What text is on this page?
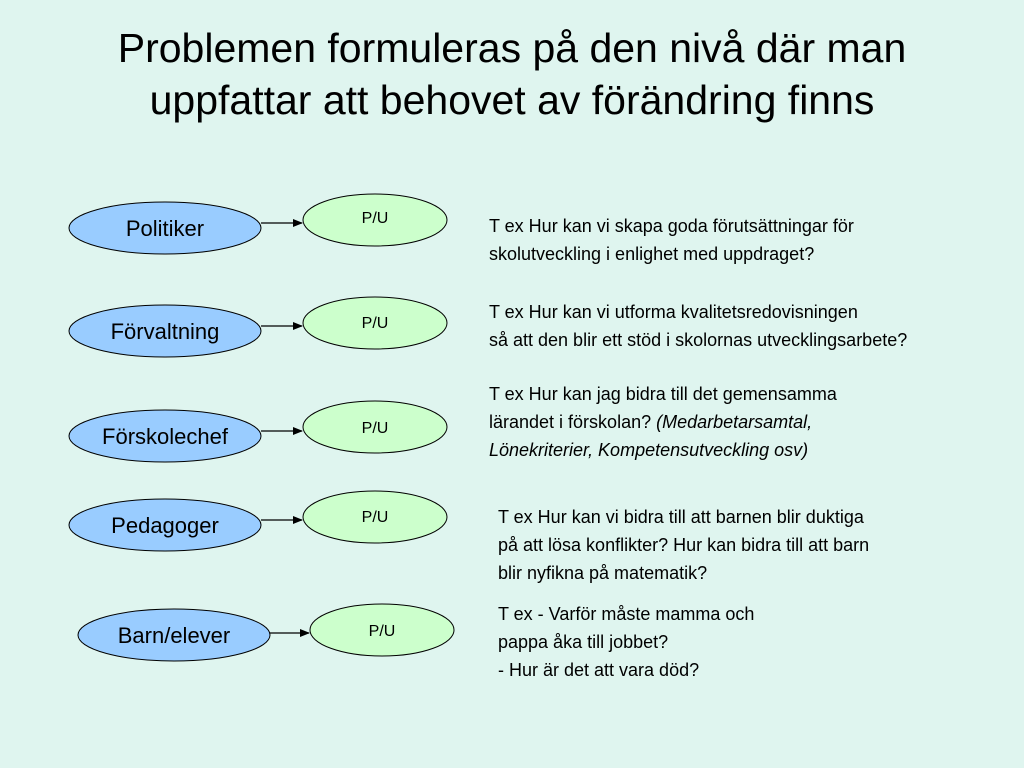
Problemen formuleras på den nivå där man
uppfattar att behovet av förändring finns
Politiker	P/U
Förvaltning	P/U
Förskolechef	P/U
Pedagoger	P/U
Barn/elever	P/U
T ex Hur kan vi skapa goda förutsättningar för
skolutveckling i enlighet med uppdraget?
T ex Hur kan vi utforma kvalitetsredovisningen
så att den blir ett stöd i skolornas utvecklingsarbete?
T ex Hur kan jag bidra till det gemensamma
lärandet i förskolan? (Medarbetarsamtal,
Lönekriterier, Kompetensutveckling osv)
T ex Hur kan vi bidra till att barnen blir duktiga
på att lösa konflikter? Hur kan bidra till att barn
blir nyfikna på matematik?
T ex - Varför måste mamma och
pappa åka till jobbet?
- Hur är det att vara död?
